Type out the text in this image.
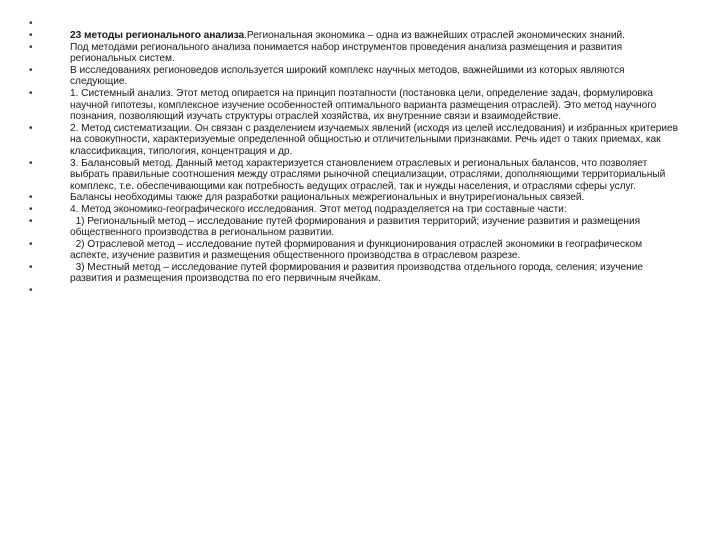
•
•	23 методы регионального анализа.Региональная экономика – одна из важнейших отраслей экономических знаний.
•	Под методами регионального анализа понимается набор инструментов проведения анализа размещения и развития региональных систем.
•	В исследованиях регионоведов используется широкий комплекс научных методов, важнейшими из которых являются следующие.
•	1. Системный анализ. Этот метод опирается на принцип поэтапности (постановка цели, определение задач, формулировка научной гипотезы, комплексное изучение особенностей оптимального варианта размещения отраслей). Это метод научного познания, позволяющий изучать структуры отраслей хозяйства, их внутренние связи и взаимодействие.
•	2. Метод систематизации. Он связан с разделением изучаемых явлений (исходя из целей исследования) и избранных критериев на совокупности, характеризуемые определенной общностью и отличительными признаками. Речь идет о таких приемах, как классификация, типология, концентрация и др.
•	3. Балансовый метод. Данный метод характеризуется становлением отраслевых и региональных балансов, что позволяет выбрать правильные соотношения между отраслями рыночной специализации, отраслями, дополняющими территориальный комплекс, т.е. обеспечивающими как потребность ведущих отраслей, так и нужды населения, и отраслями сферы услуг.
•	Балансы необходимы также для разработки рациональных межрегиональных и внутрирегиональных связей.
•	4. Метод экономико-географического исследования. Этот метод подразделяется на три составные части:
•	1) Региональный метод – исследование путей формирования и развития территорий; изучение развития и размещения общественного производства в региональном развитии.
•	2) Отраслевой метод – исследование путей формирования и функционирования отраслей экономики в географическом аспекте, изучение развития и размещения общественного производства в отраслевом разрезе.
•	3) Местный метод – исследование путей формирования и развития производства отдельного города, селения; изучение развития и размещения производства по его первичным ячейкам.
•
